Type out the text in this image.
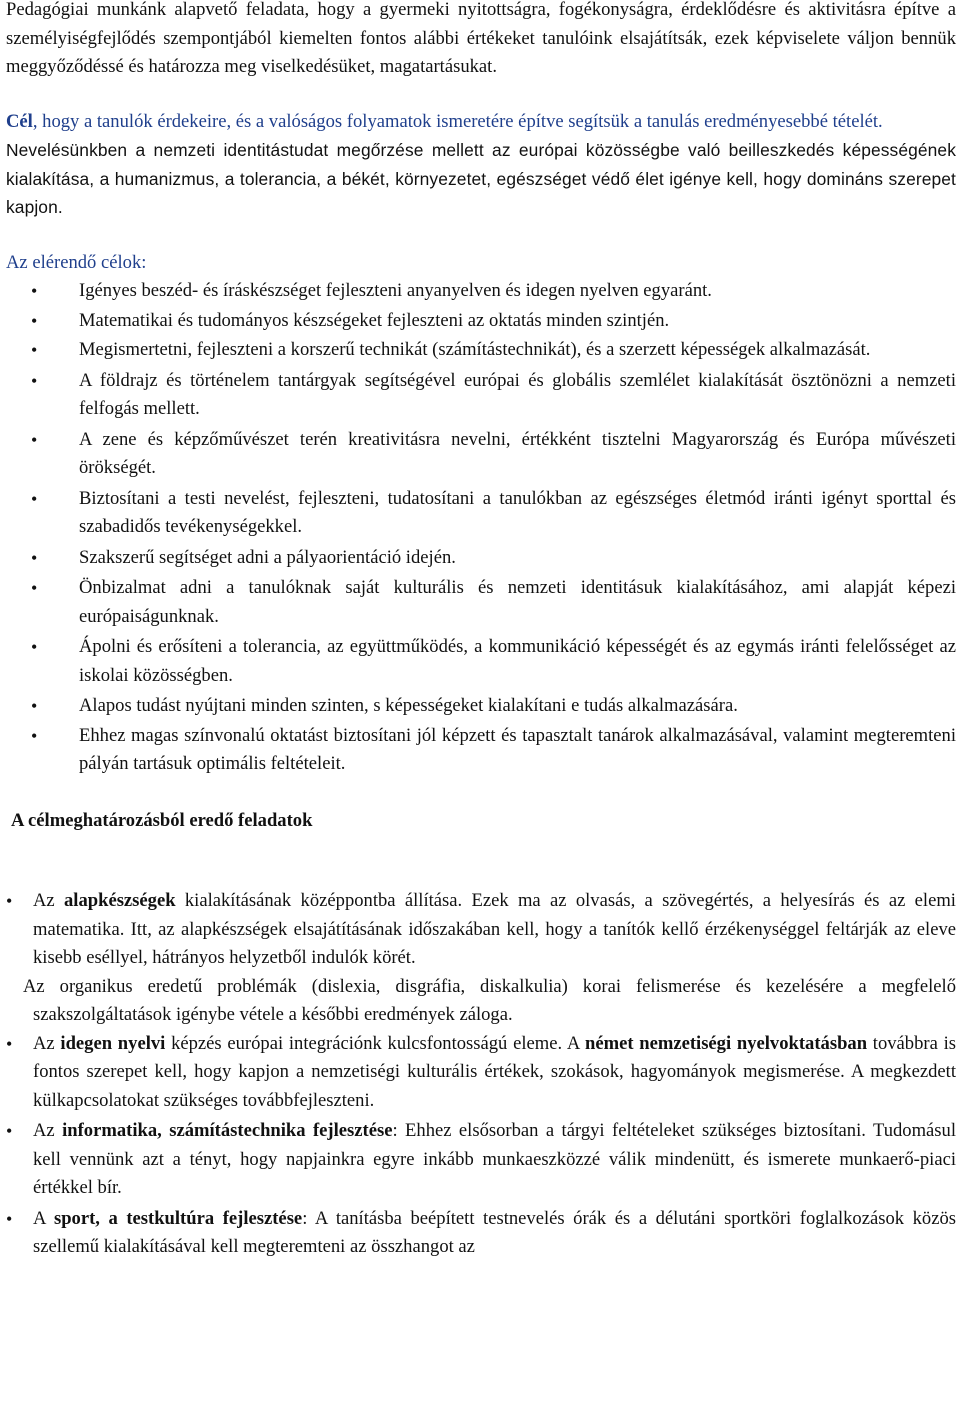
Pedagógiai munkánk alapvető feladata, hogy a gyermeki nyitottságra, fogékonyságra, érdeklődésre és aktivitásra építve a személyiségfejlődés szempontjából kiemelten fontos alábbi értékeket tanulóink elsajátítsák, ezek képviselete váljon bennük meggyőződéssé és határozza meg viselkedésüket, magatartásukat.

Cél, hogy a tanulók érdekeire, és a valóságos folyamatok ismeretére építve segítsük a tanulás eredményesebbé tételét.

Nevelésünkben a nemzeti identitástudat megőrzése mellett az európai közösségbe való beilleszkedés képességének kialakítása, a humanizmus, a tolerancia, a békét, környezetet, egészséget védő élet igénye kell, hogy domináns szerepet kapjon.

Az elérendő célok:

• Igényes beszéd- és íráskészséget fejleszteni anyanyelven és idegen nyelven egyaránt.
• Matematikai és tudományos készségeket fejleszteni az oktatás minden szintjén.
• Megismertetni, fejleszteni a korszerű technikát (számítástechnikát), és a szerzett képességek alkalmazását.
• A földrajz és történelem tantárgyak segítségével európai és globális szemlélet kialakítását ösztönözni a nemzeti felfogás mellett.
• A zene és képzőművészet terén kreativitásra nevelni, értékként tisztelni Magyarország és Európa művészeti örökségét.
• Biztosítani a testi nevelést, fejleszteni, tudatosítani a tanulókban az egészséges életmód iránti igényt sporttal és szabadidős tevékenységekkel.
• Szakszerű segítséget adni a pályaorientáció idején.
• Önbizalmat adni a tanulóknak saját kulturális és nemzeti identitásuk kialakításához, ami alapját képezi európaiságunknak.
• Ápolni és erősíteni a tolerancia, az együttműködés, a kommunikáció képességét és az egymás iránti felelősséget az iskolai közösségben.
• Alapos tudást nyújtani minden szinten, s képességeket kialakítani e tudás alkalmazására.
• Ehhez magas színvonalú oktatást biztosítani jól képzett és tapasztalt tanárok alkalmazásával, valamint megteremteni pályán tartásuk optimális feltételeit.

A célmeghatározásból eredő feladatok

• Az alapkészségek kialakításának középpontba állítása. Ezek ma az olvasás, a szövegértés, a helyesírás és az elemi matematika. Itt, az alapkészségek elsajátításának időszakában kell, hogy a tanítók kellő érzékenységgel feltárják az eleve kisebb eséllyel, hátrányos helyzetből indulók körét.
Az organikus eredetű problémák (dislexia, disgráfia, diskalkulia) korai felismerése és kezelésére a megfelelő szakszolgáltatások igénybe vétele a későbbi eredmények záloga.
• Az idegen nyelvi képzés európai integrációnk kulcsfontosságú eleme. A német nemzetiségi nyelvoktatásban továbbra is fontos szerepet kell, hogy kapjon a nemzetiségi kulturális értékek, szokások, hagyományok megismerése. A megkezdett külkapcsolatokat szükséges továbbfejleszteni.
• Az informatika, számítástechnika fejlesztése: Ehhez elsősorban a tárgyi feltételeket szükséges biztosítani. Tudomásul kell vennünk azt a tényt, hogy napjainkra egyre inkább munkaeszközzé válik mindenütt, és ismerete munkaerő-piaci értékkel bír.
• A sport, a testkultúra fejlesztése: A tanításba beépített testnevelés órák és a délutáni sportköri foglalkozások közös szellemű kialakításával kell megteremteni az összhangot az
